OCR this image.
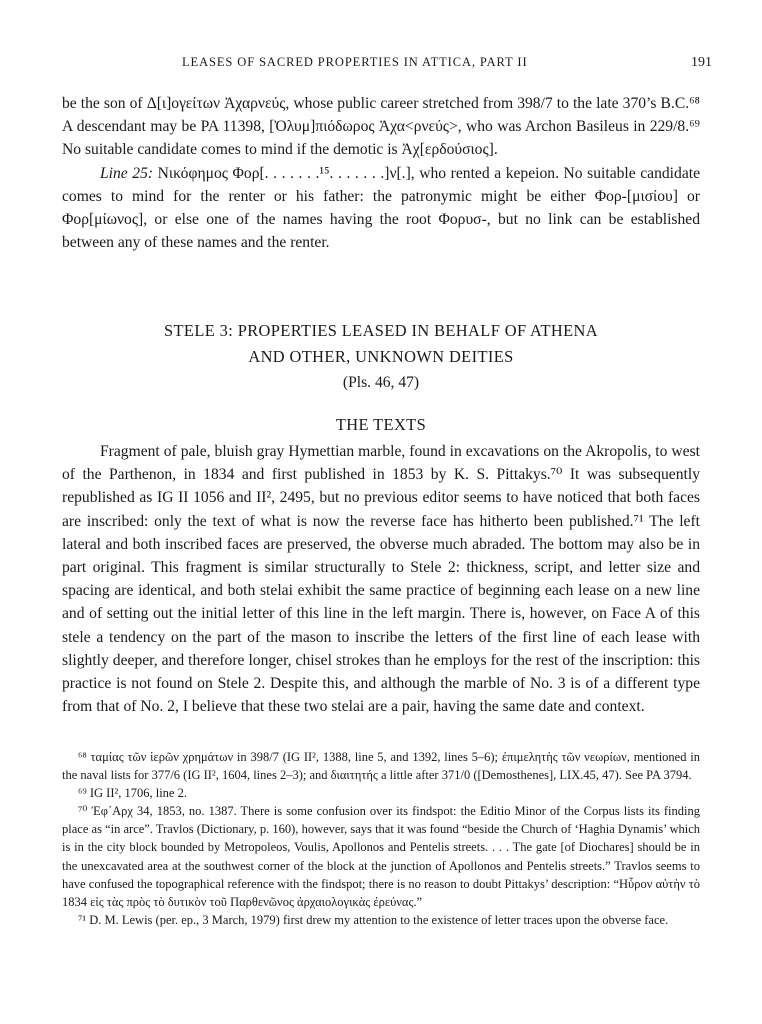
LEASES OF SACRED PROPERTIES IN ATTICA, PART II	191

be the son of Δ[ι]ογείτων Ἀχαρνεύς, whose public career stretched from 398/7 to the late 370’s B.C.⁶⁸ A descendant may be PA 11398, [Ὀλυμ]πιόδωρος Ἀχα<ρνεύς>, who was Archon Basileus in 229/8.⁶⁹ No suitable candidate comes to mind if the demotic is Ἀχ[ερδούσιος].

Line 25: Νικόφημος Φορ[. . . . . . .¹⁵. . . . . . .]ν[.], who rented a kepeion. No suitable candidate comes to mind for the renter or his father: the patronymic might be either Φορ-[μισίου] or Φορ[μίωνος], or else one of the names having the root Φορυσ-, but no link can be established between any of these names and the renter.

STELE 3: PROPERTIES LEASED IN BEHALF OF ATHENA
AND OTHER, UNKNOWN DEITIES
(Pls. 46, 47)
THE TEXTS

Fragment of pale, bluish gray Hymettian marble, found in excavations on the Akropolis, to west of the Parthenon, in 1834 and first published in 1853 by K. S. Pittakys.⁷⁰ It was subsequently republished as IG II 1056 and II², 2495, but no previous editor seems to have noticed that both faces are inscribed: only the text of what is now the reverse face has hitherto been published.⁷¹ The left lateral and both inscribed faces are preserved, the obverse much abraded. The bottom may also be in part original. This fragment is similar structurally to Stele 2: thickness, script, and letter size and spacing are identical, and both stelai exhibit the same practice of beginning each lease on a new line and of setting out the initial letter of this line in the left margin. There is, however, on Face A of this stele a tendency on the part of the mason to inscribe the letters of the first line of each lease with slightly deeper, and therefore longer, chisel strokes than he employs for the rest of the inscription: this practice is not found on Stele 2. Despite this, and although the marble of No. 3 is of a different type from that of No. 2, I believe that these two stelai are a pair, having the same date and context.

⁶⁸ ταμίας τῶν ἱερῶν χρημάτων in 398/7 (IG II², 1388, line 5, and 1392, lines 5–6); ἐπιμελητὴς τῶν νεωρίων, mentioned in the naval lists for 377/6 (IG II², 1604, lines 2–3); and διαιτητής a little after 371/0 ([Demosthenes], LIX.45, 47). See PA 3794.

⁶⁹ IG II², 1706, line 2.

⁷⁰ Ἐφ᾿Αρχ 34, 1853, no. 1387. There is some confusion over its findspot: the Editio Minor of the Corpus lists its finding place as “in arce”. Travlos (Dictionary, p. 160), however, says that it was found “beside the Church of ‘Haghia Dynamis’ which is in the city block bounded by Metropoleos, Voulis, Apollonos and Pentelis streets. . . . The gate [of Diochares] should be in the unexcavated area at the southwest corner of the block at the junction of Apollonos and Pentelis streets.” Travlos seems to have confused the topographical reference with the findspot; there is no reason to doubt Pittakys’ description: “Ηὗρον αὐτὴν τὸ 1834 εἰς τὰς πρὸς τὸ δυτικὸν τοῦ Παρθενῶνος ἀρχαιολογικὰς ἐρεύνας.”

⁷¹ D. M. Lewis (per. ep., 3 March, 1979) first drew my attention to the existence of letter traces upon the obverse face.
